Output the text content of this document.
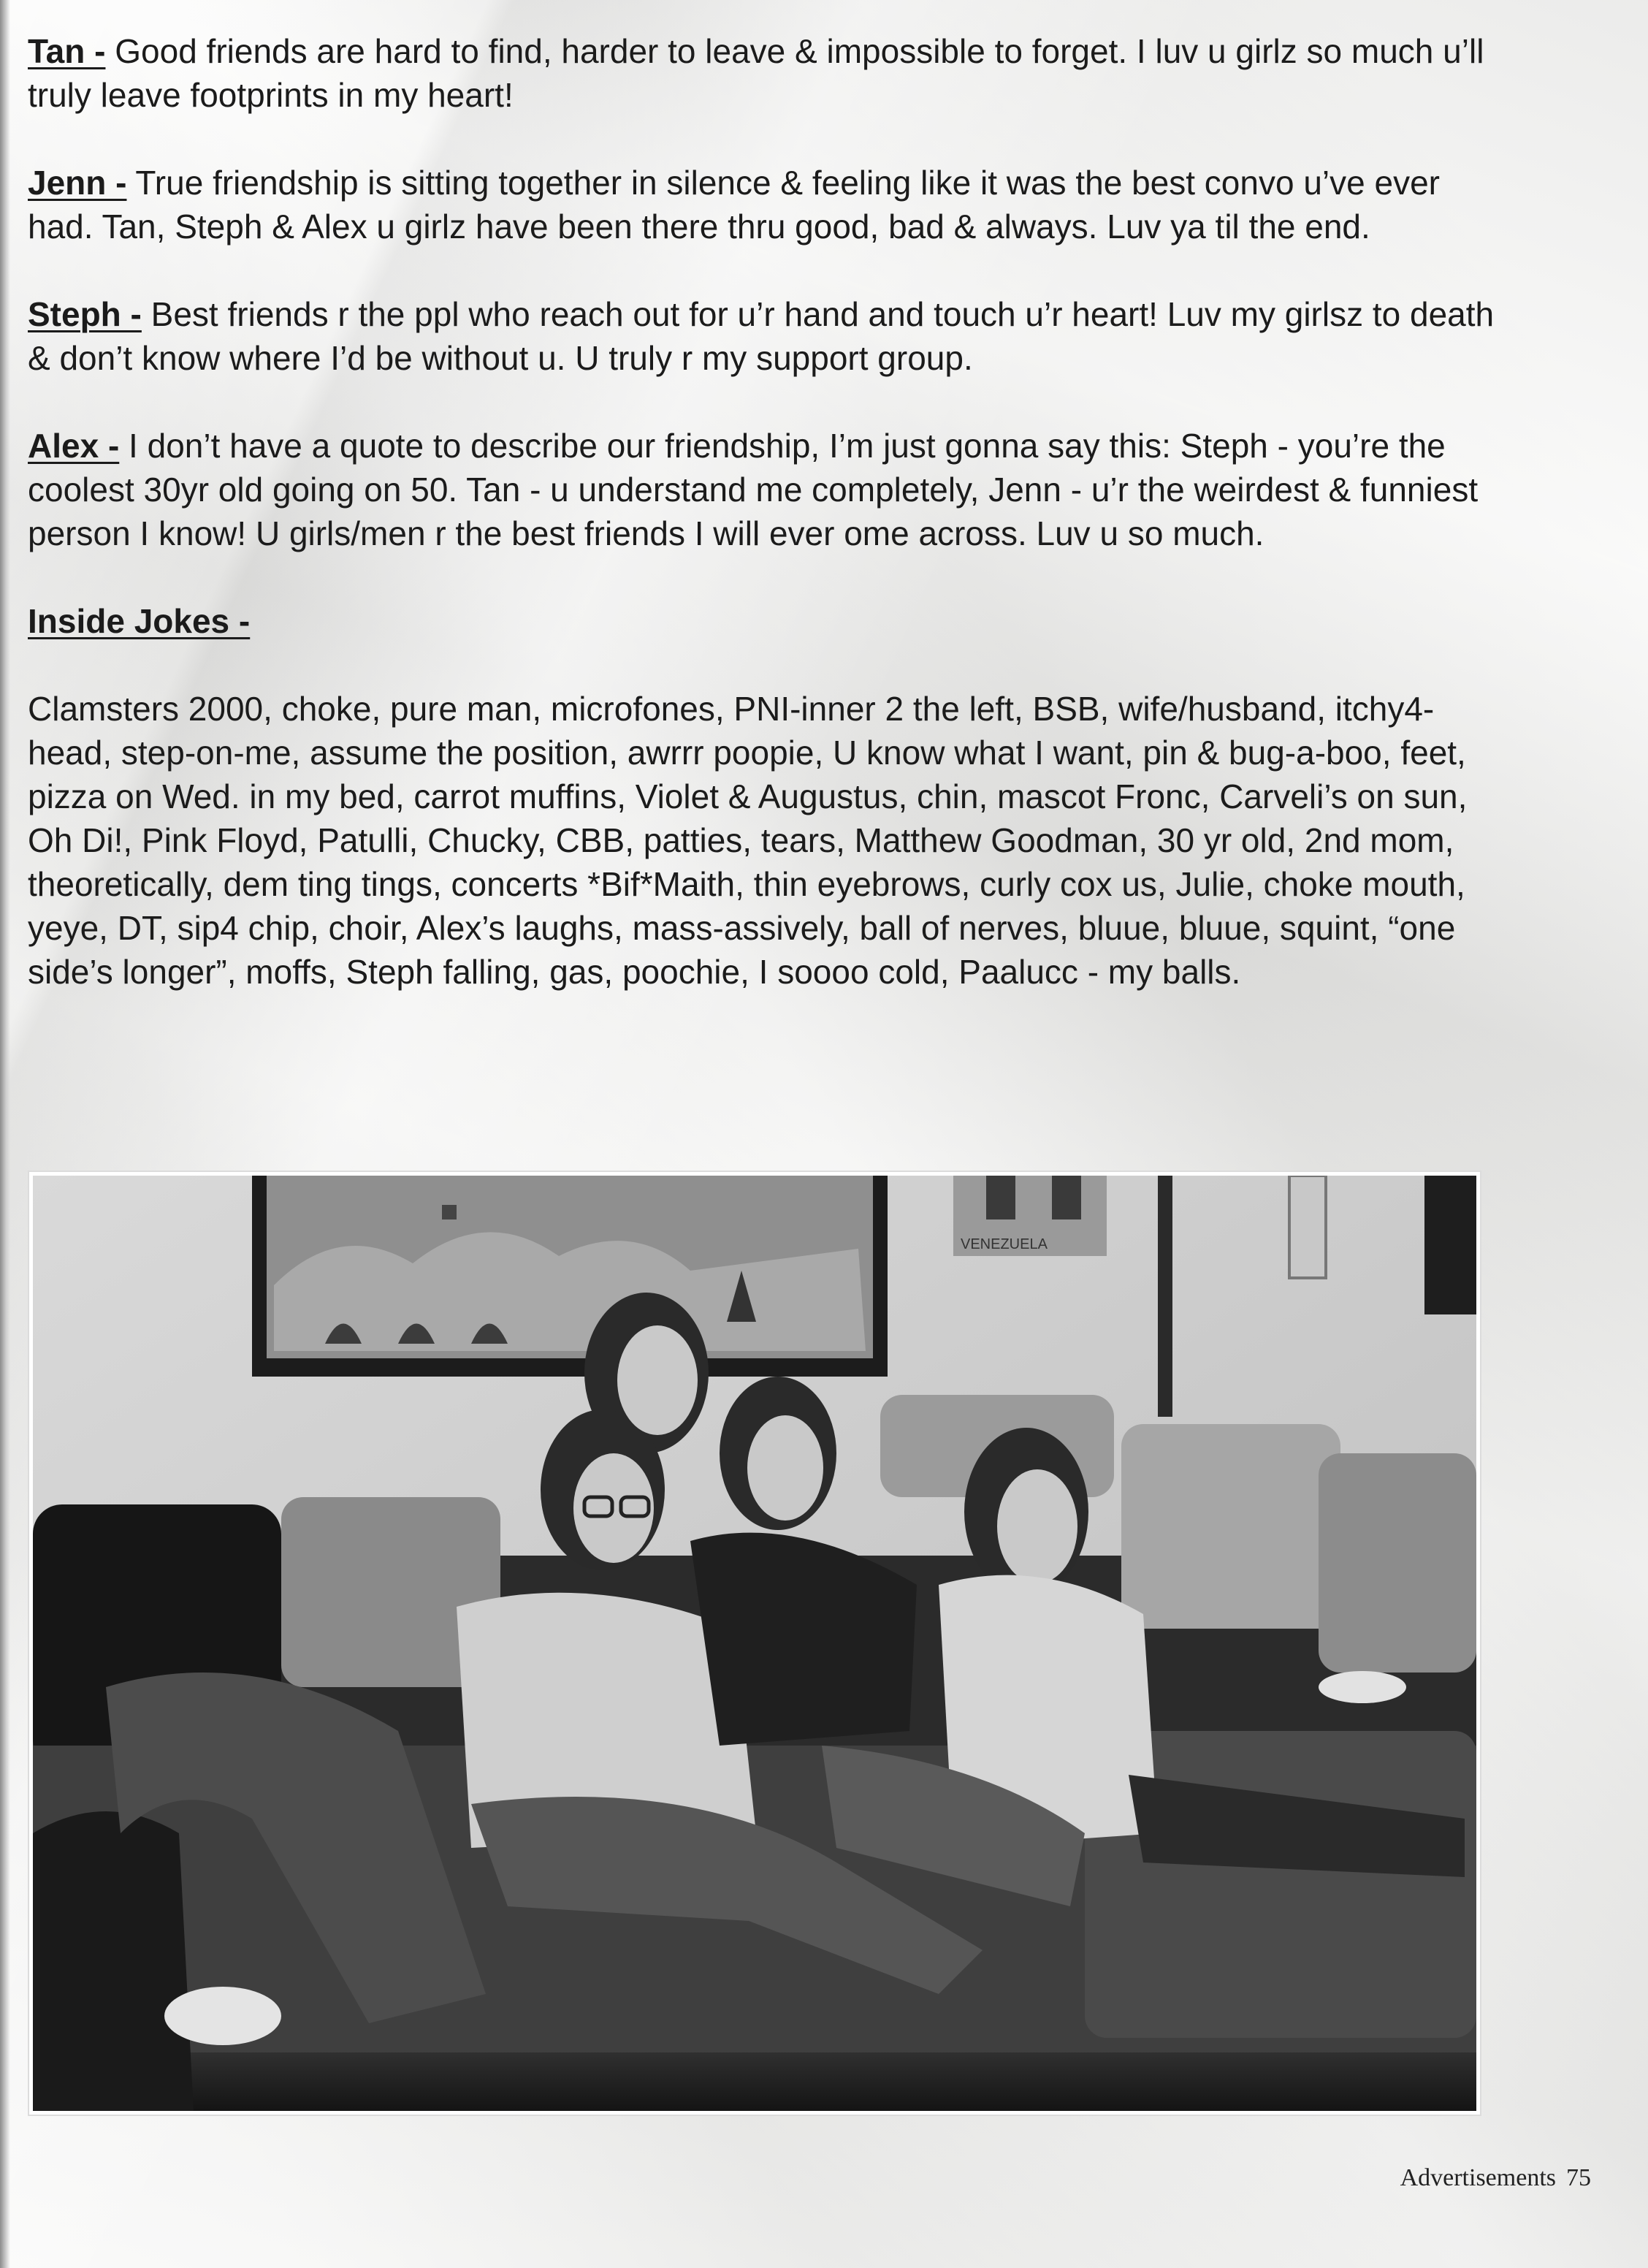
Tan - Good friends are hard to find, harder to leave & impossible to forget. I luv u girlz so much u’ll truly leave footprints in my heart!

Jenn - True friendship is sitting together in silence & feeling like it was the best convo u’ve ever had. Tan, Steph & Alex u girlz have been there thru good, bad & always. Luv ya til the end.

Steph - Best friends r the ppl who reach out for u’r hand and touch u’r heart! Luv my girlsz to death & don’t know where I’d be without u. U truly r my support group.

Alex - I don’t have a quote to describe our friendship, I’m just gonna say this: Steph - you’re the coolest 30yr old going on 50. Tan - u understand me completely, Jenn - u’r the weirdest & funniest person I know! U girls/men r the best friends I will ever ome across. Luv u so much.

Inside Jokes -

Clamsters 2000, choke, pure man, microfones, PNI-inner 2 the left, BSB, wife/husband, itchy4-head, step-on-me, assume the position, awrrr poopie, U know what I want, pin & bug-a-boo, feet, pizza on Wed. in my bed, carrot muffins, Violet & Augustus, chin, mascot Fronc, Carveli’s on sun, Oh Di!, Pink Floyd, Patulli, Chucky, CBB, patties, tears, Matthew Goodman, 30 yr old, 2nd mom, theoretically, dem ting tings, concerts *Bif*Maith, thin eyebrows, curly cox us, Julie, choke mouth, yeye, DT, sip4 chip, choir, Alex’s laughs, mass-assively, ball of nerves, bluue, bluue, squint, “one side’s longer”, moffs, Steph falling, gas, poochie, I soooo cold, Paalucc - my balls.

VENEZUELA
Advertisements 75
